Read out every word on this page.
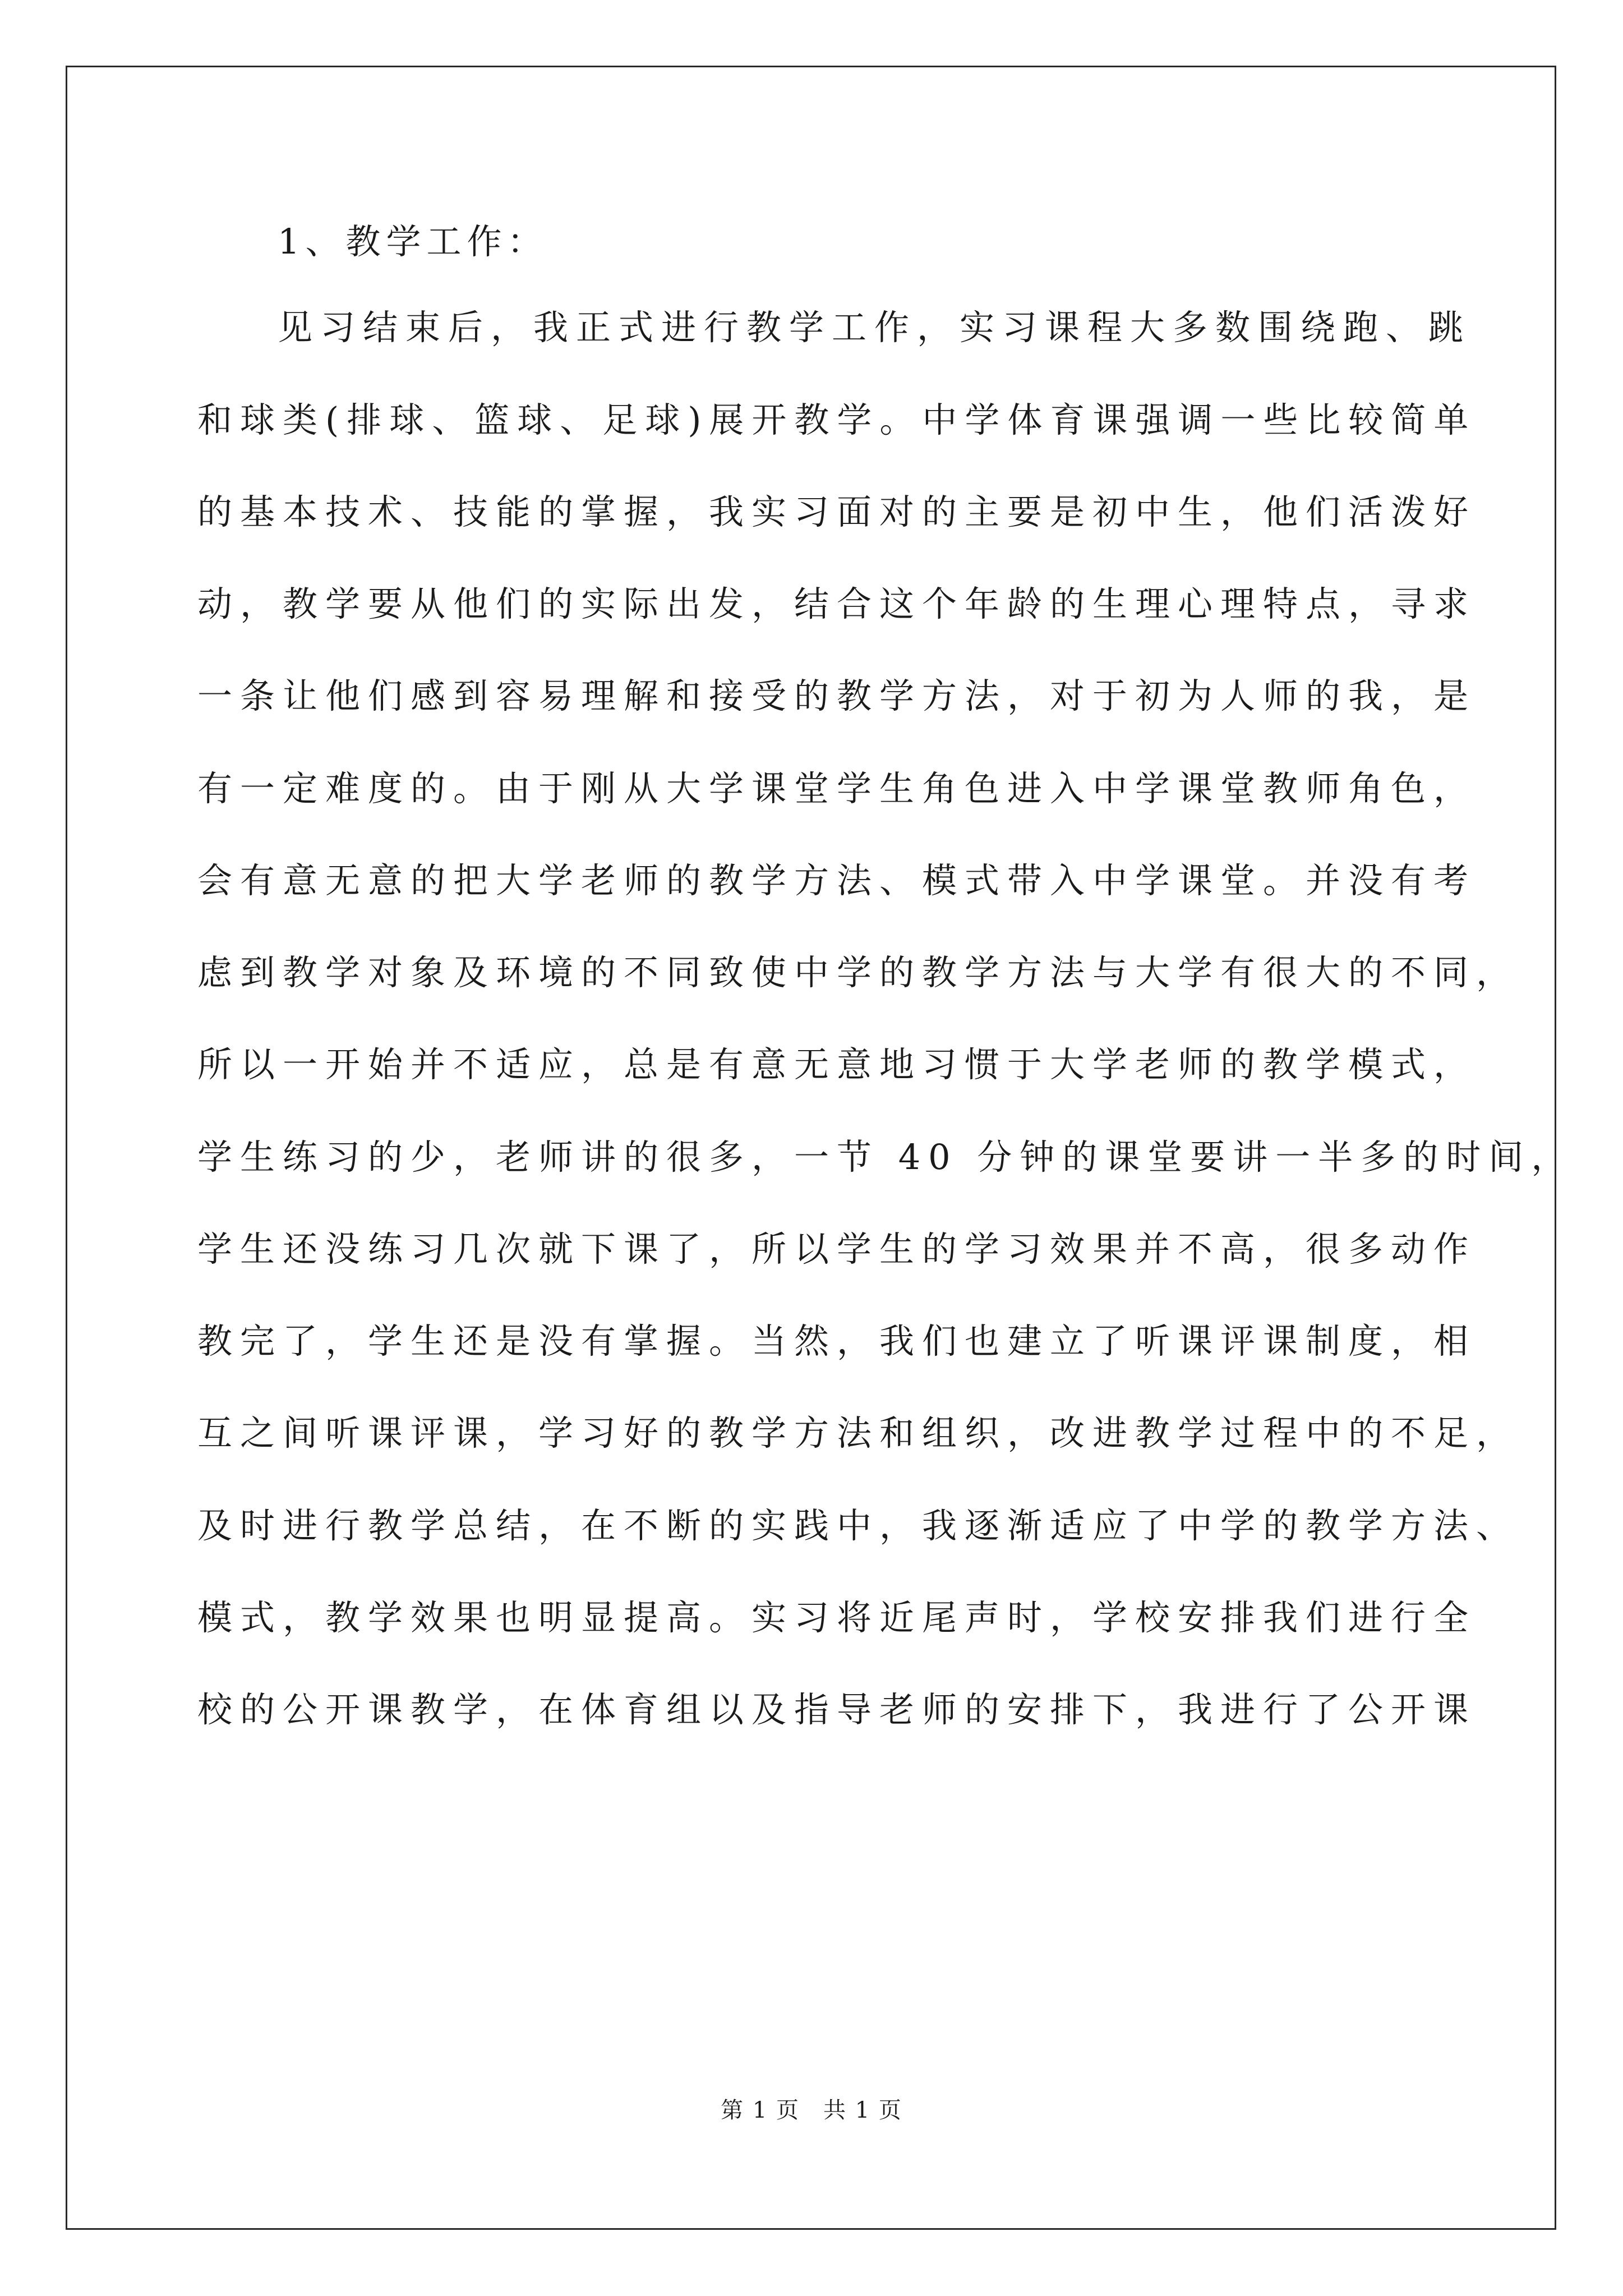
1、教学工作：
见习结束后，我正式进行教学工作，实习课程大多数围绕跑、跳
和球类(排球、篮球、足球)展开教学。中学体育课强调一些比较简单
的基本技术、技能的掌握，我实习面对的主要是初中生，他们活泼好
动，教学要从他们的实际出发，结合这个年龄的生理心理特点，寻求
一条让他们感到容易理解和接受的教学方法，对于初为人师的我，是
有一定难度的。由于刚从大学课堂学生角色进入中学课堂教师角色，
会有意无意的把大学老师的教学方法、模式带入中学课堂。并没有考
虑到教学对象及环境的不同致使中学的教学方法与大学有很大的不同，
所以一开始并不适应，总是有意无意地习惯于大学老师的教学模式，
学生练习的少，老师讲的很多，一节 40 分钟的课堂要讲一半多的时间，
学生还没练习几次就下课了，所以学生的学习效果并不高，很多动作
教完了，学生还是没有掌握。当然，我们也建立了听课评课制度，相
互之间听课评课，学习好的教学方法和组织，改进教学过程中的不足，
及时进行教学总结，在不断的实践中，我逐渐适应了中学的教学方法、
模式，教学效果也明显提高。实习将近尾声时，学校安排我们进行全
校的公开课教学，在体育组以及指导老师的安排下，我进行了公开课
第 1 页　共 1 页
